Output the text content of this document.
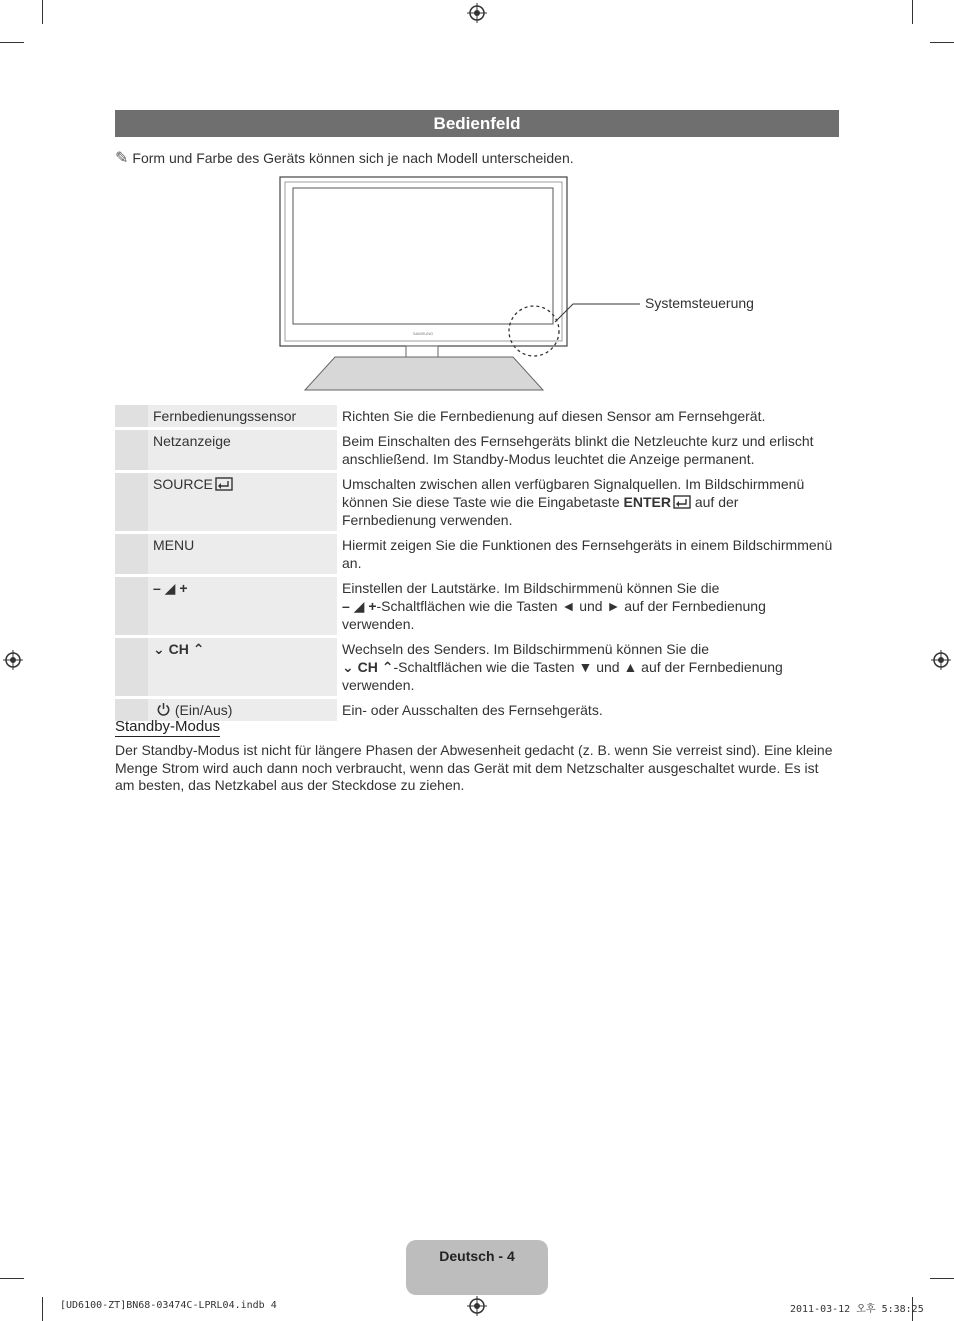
Bedienfeld
✎ Form und Farbe des Geräts können sich je nach Modell unterscheiden.
SAMSUNG
Systemsteuerung
	Fernbedienungssensor	Richten Sie die Fernbedienung auf diesen Sensor am Fernsehgerät.
	Netzanzeige	Beim Einschalten des Fernsehgeräts blinkt die Netzleuchte kurz und erlischt anschließend. Im Standby-Modus leuchtet die Anzeige permanent.
	SOURCE	Umschalten zwischen allen verfügbaren Signalquellen. Im Bildschirmmenü können Sie diese Taste wie die Eingabetaste ENTER auf der Fernbedienung verwenden.
	MENU	Hiermit zeigen Sie die Funktionen des Fernsehgeräts in einem Bildschirmmenü an.
	– ◢ +	Einstellen der Lautstärke. Im Bildschirmmenü können Sie die
– ◢ +-Schaltflächen wie die Tasten ◄ und ► auf der Fernbedienung verwenden.
	⌄ CH ⌃	Wechseln des Senders. Im Bildschirmmenü können Sie die
⌄ CH ⌃-Schaltflächen wie die Tasten ▼ und ▲ auf der Fernbedienung verwenden.
	(Ein/Aus)	Ein- oder Ausschalten des Fernsehgeräts.
Standby-Modus
Der Standby-Modus ist nicht für längere Phasen der Abwesenheit gedacht (z. B. wenn Sie verreist sind). Eine kleine Menge Strom wird auch dann noch verbraucht, wenn das Gerät mit dem Netzschalter ausgeschaltet wurde. Es ist am besten, das Netzkabel aus der Steckdose zu ziehen.
Deutsch - 4
[UD6100-ZT]BN68-03474C-LPRL04.indb 4	2011-03-12 오후 5:38:25
